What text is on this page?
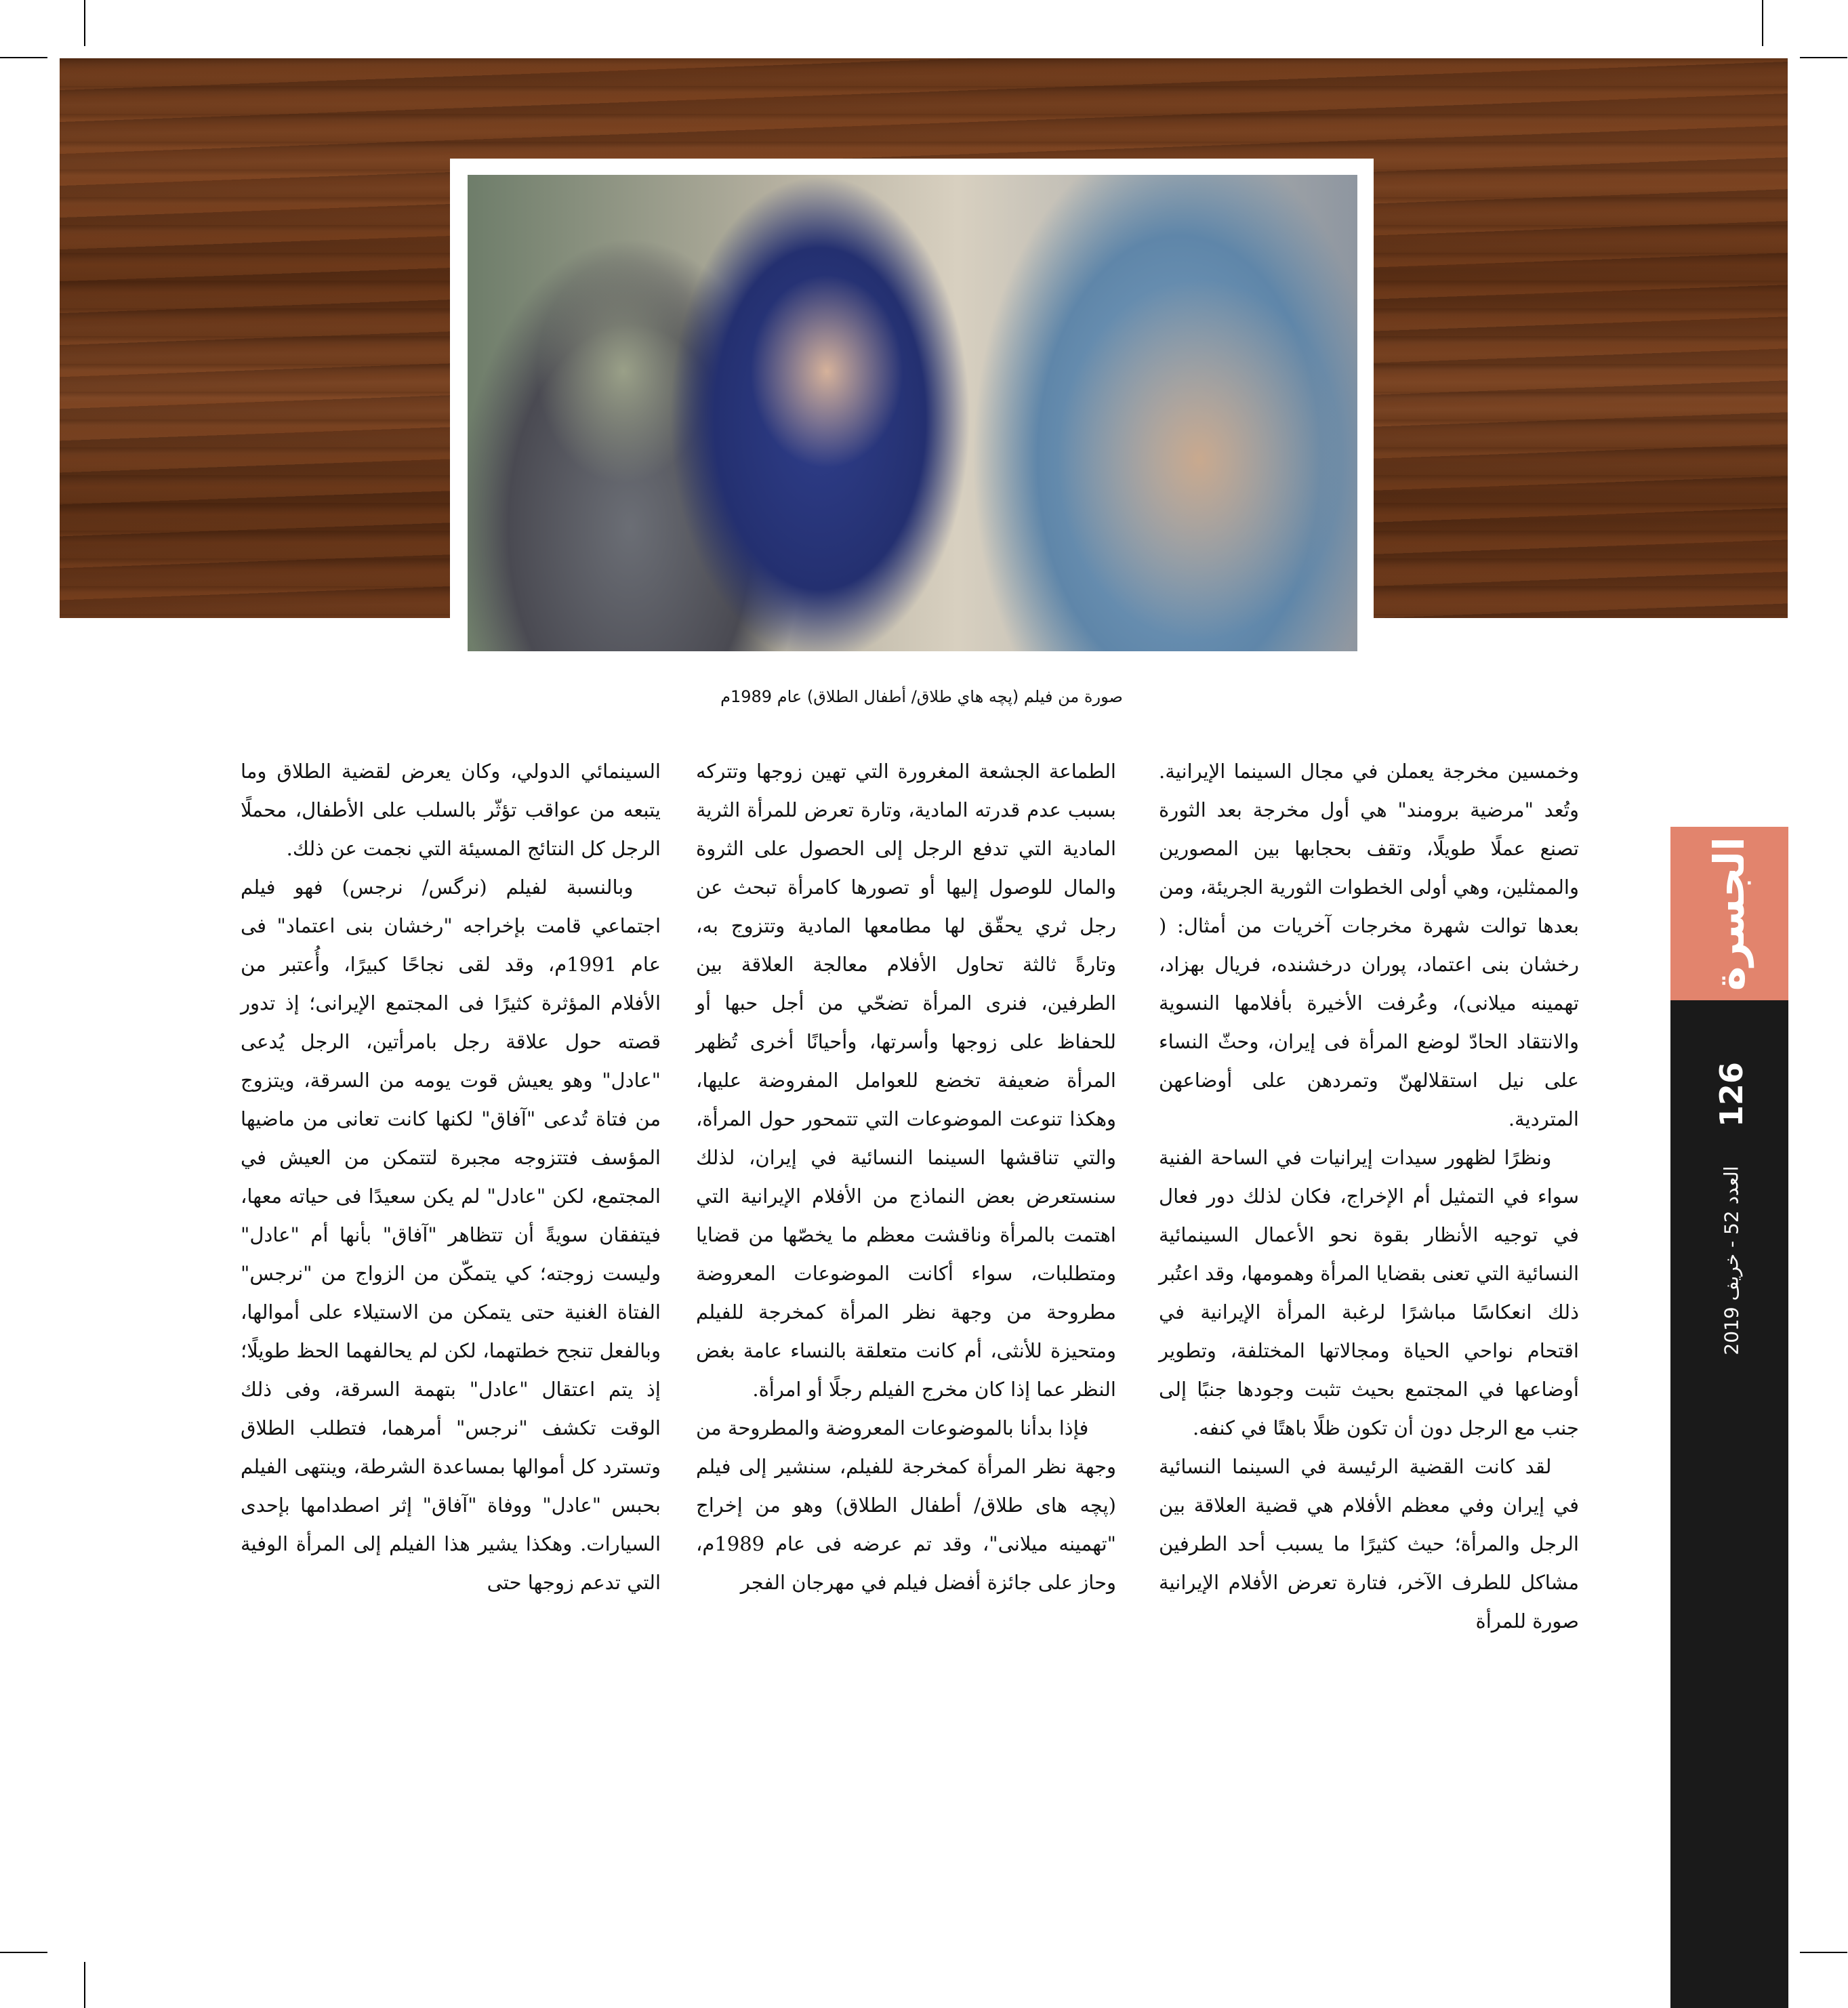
صورة من فيلم (پچه هاي طلاق/ أطفال الطلاق) عام 1989م

وخمسين مخرجة يعملن في مجال السينما الإيرانية. وتُعد "مرضية برومند" هي أول مخرجة بعد الثورة تصنع عملًا طويلًا، وتقف بحجابها بين المصورين والممثلين، وهي أولى الخطوات الثورية الجريئة، ومن بعدها توالت شهرة مخرجات آخريات من أمثال: ( رخشان بنى اعتماد، پوران درخشنده، فريال بهزاد، تهمينه ميلانى)، وعُرفت الأخيرة بأفلامها النسوية والانتقاد الحادّ لوضع المرأة فى إيران، وحثّ النساء على نيل استقلالهنّ وتمردهن على أوضاعهن المتردية.

ونظرًا لظهور سيدات إيرانيات في الساحة الفنية سواء في التمثيل أم الإخراج، فكان لذلك دور فعال في توجيه الأنظار بقوة نحو الأعمال السينمائية النسائية التي تعنى بقضايا المرأة وهمومها، وقد اعتُبر ذلك انعكاسًا مباشرًا لرغبة المرأة الإيرانية في اقتحام نواحي الحياة ومجالاتها المختلفة، وتطوير أوضاعها في المجتمع بحيث تثبت وجودها جنبًا إلى جنب مع الرجل دون أن تكون ظلًا باهتًا في كنفه.

لقد كانت القضية الرئيسة في السينما النسائية في إيران وفي معظم الأفلام هي قضية العلاقة بين الرجل والمرأة؛ حيث كثيرًا ما يسبب أحد الطرفين مشاكل للطرف الآخر، فتارة تعرض الأفلام الإيرانية صورة للمرأة

الطماعة الجشعة المغرورة التي تهين زوجها وتتركه بسبب عدم قدرته المادية، وتارة تعرض للمرأة الثرية المادية التي تدفع الرجل إلى الحصول على الثروة والمال للوصول إليها أو تصورها كامرأة تبحث عن رجل ثري يحقّق لها مطامعها المادية وتتزوج به، وتارةً ثالثة تحاول الأفلام معالجة العلاقة بين الطرفين، فنرى المرأة تضحّي من أجل حبها أو للحفاظ على زوجها وأسرتها، وأحيانًا أخرى تُظهر المرأة ضعيفة تخضع للعوامل المفروضة عليها، وهكذا تنوعت الموضوعات التي تتمحور حول المرأة، والتي تناقشها السينما النسائية في إيران، لذلك سنستعرض بعض النماذج من الأفلام الإيرانية التي اهتمت بالمرأة وناقشت معظم ما يخصّها من قضايا ومتطلبات، سواء أكانت الموضوعات المعروضة مطروحة من وجهة نظر المرأة كمخرجة للفيلم ومتحيزة للأنثى، أم كانت متعلقة بالنساء عامة بغض النظر عما إذا كان مخرج الفيلم رجلًا أو امرأة.

فإذا بدأنا بالموضوعات المعروضة والمطروحة من وجهة نظر المرأة كمخرجة للفيلم، سنشير إلى فيلم (پچه هاى طلاق/ أطفال الطلاق) وهو من إخراج "تهمينه ميلانى"، وقد تم عرضه فى عام 1989م، وحاز على جائزة أفضل فيلم في مهرجان الفجر

السينمائي الدولي، وكان يعرض لقضية الطلاق وما يتبعه من عواقب تؤثّر بالسلب على الأطفال، محملًا الرجل كل النتائج المسيئة التي نجمت عن ذلك.

وبالنسبة لفيلم (نرگس/ نرجس) فهو فيلم اجتماعي قامت بإخراجه "رخشان بنى اعتماد" فى عام 1991م، وقد لقى نجاحًا كبيرًا، وأُعتبر من الأفلام المؤثرة كثيرًا فى المجتمع الإيرانى؛ إذ تدور قصته حول علاقة رجل بامرأتين، الرجل يُدعى "عادل" وهو يعيش قوت يومه من السرقة، ويتزوج من فتاة تُدعى "آفاق" لكنها كانت تعانى من ماضيها المؤسف فتتزوجه مجبرة لتتمكن من العيش في المجتمع، لكن "عادل" لم يكن سعيدًا فى حياته معها، فيتفقان سويةً أن تتظاهر "آفاق" بأنها أم "عادل" وليست زوجته؛ كي يتمكّن من الزواج من "نرجس" الفتاة الغنية حتى يتمكن من الاستيلاء على أموالها، وبالفعل تنجح خطتهما، لكن لم يحالفهما الحظ طويلًا؛ إذ يتم اعتقال "عادل" بتهمة السرقة، وفى ذلك الوقت تكشف "نرجس" أمرهما، فتطلب الطلاق وتسترد كل أموالها بمساعدة الشرطة، وينتهى الفيلم بحبس "عادل" ووفاة "آفاق" إثر اصطدامها بإحدى السيارات. وهكذا يشير هذا الفيلم إلى المرأة الوفية التي تدعم زوجها حتى

الجسرة
126
العدد 52 - خريف 2019
